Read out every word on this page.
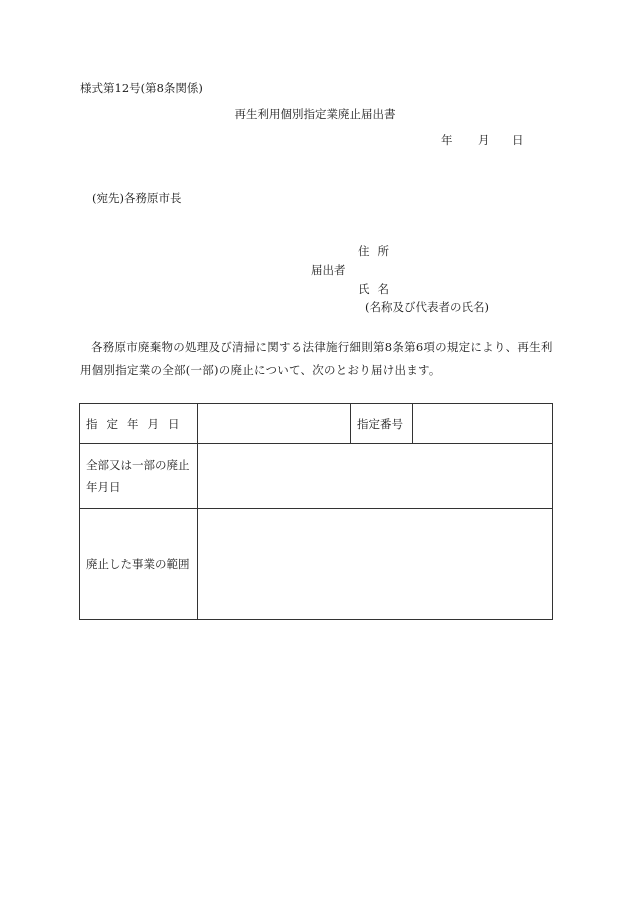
様式第12号(第8条関係)
再生利用個別指定業廃止届出書
年 月 日
(宛先)各務原市長
住所
届出者
氏名
(名称及び代表者の氏名)
各務原市廃棄物の処理及び清掃に関する法律施行細則第8条第6項の規定により、再生利用個別指定業の全部(一部)の廃止について、次のとおり届け出ます。
指定年月日		指定番号	
全部又は一部の廃止年月日			
廃止した事業の範囲			
